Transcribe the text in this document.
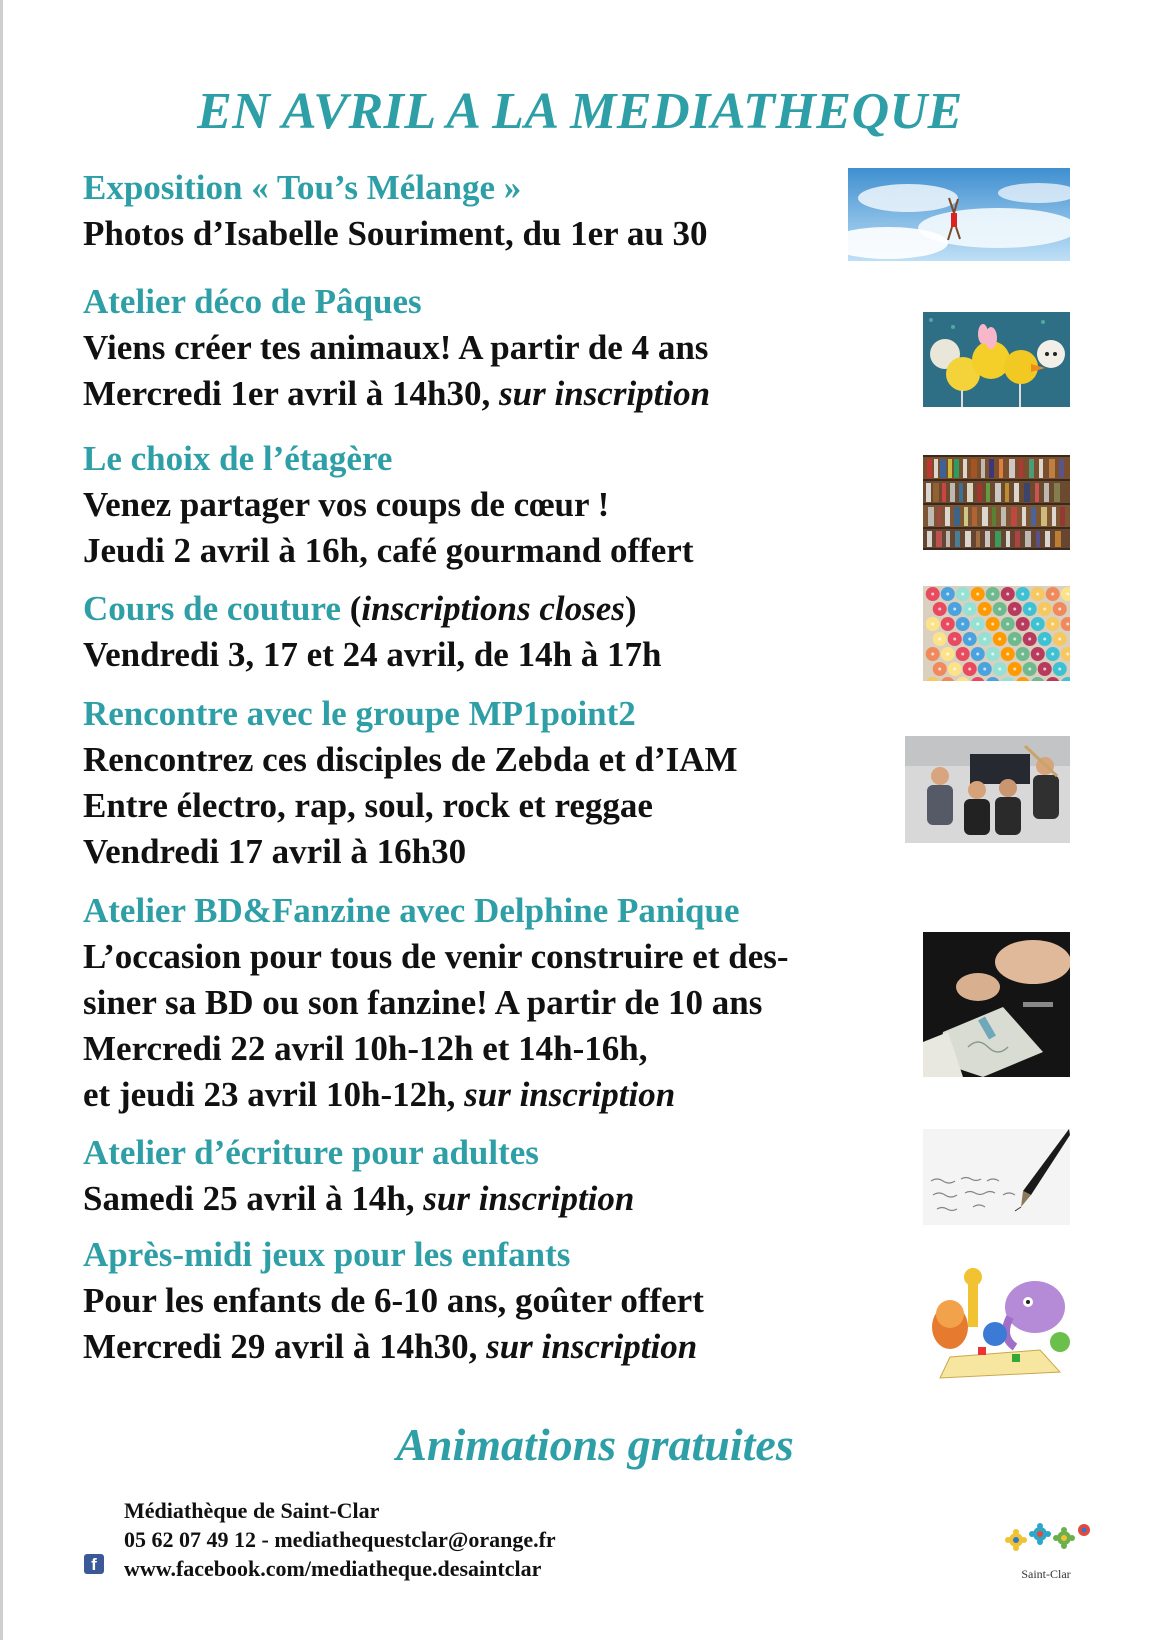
EN AVRIL A LA MEDIATHEQUE
Exposition « Tou’s Mélange »
Photos d’Isabelle Souriment, du 1er au 30
Atelier déco de Pâques
Viens créer tes animaux! A partir de 4 ans
Mercredi 1er avril à 14h30, sur inscription
Le choix de l’étagère
Venez partager vos coups de cœur !
Jeudi 2 avril à 16h, café gourmand offert
Cours de couture (inscriptions closes)
Vendredi 3, 17 et 24 avril, de 14h à 17h
Rencontre avec le groupe MP1point2
Rencontrez ces disciples de Zebda et d’IAM
Entre électro, rap, soul, rock et reggae
Vendredi 17 avril à 16h30
Atelier BD&Fanzine avec Delphine Panique
L’occasion pour tous de venir construire et des-
siner sa BD ou son fanzine! A partir de 10 ans
Mercredi 22 avril 10h-12h et 14h-16h,
et jeudi 23 avril 10h-12h, sur inscription
Atelier d’écriture pour adultes
Samedi 25 avril à 14h, sur inscription
Après-midi jeux pour les enfants
Pour les enfants de 6-10 ans, goûter offert
Mercredi 29 avril à 14h30, sur inscription
Animations gratuites
Médiathèque de Saint-Clar
05 62 07 49 12 - mediathequestclar@orange.fr
www.facebook.com/mediatheque.desaintclar
f	Saint-Clar
